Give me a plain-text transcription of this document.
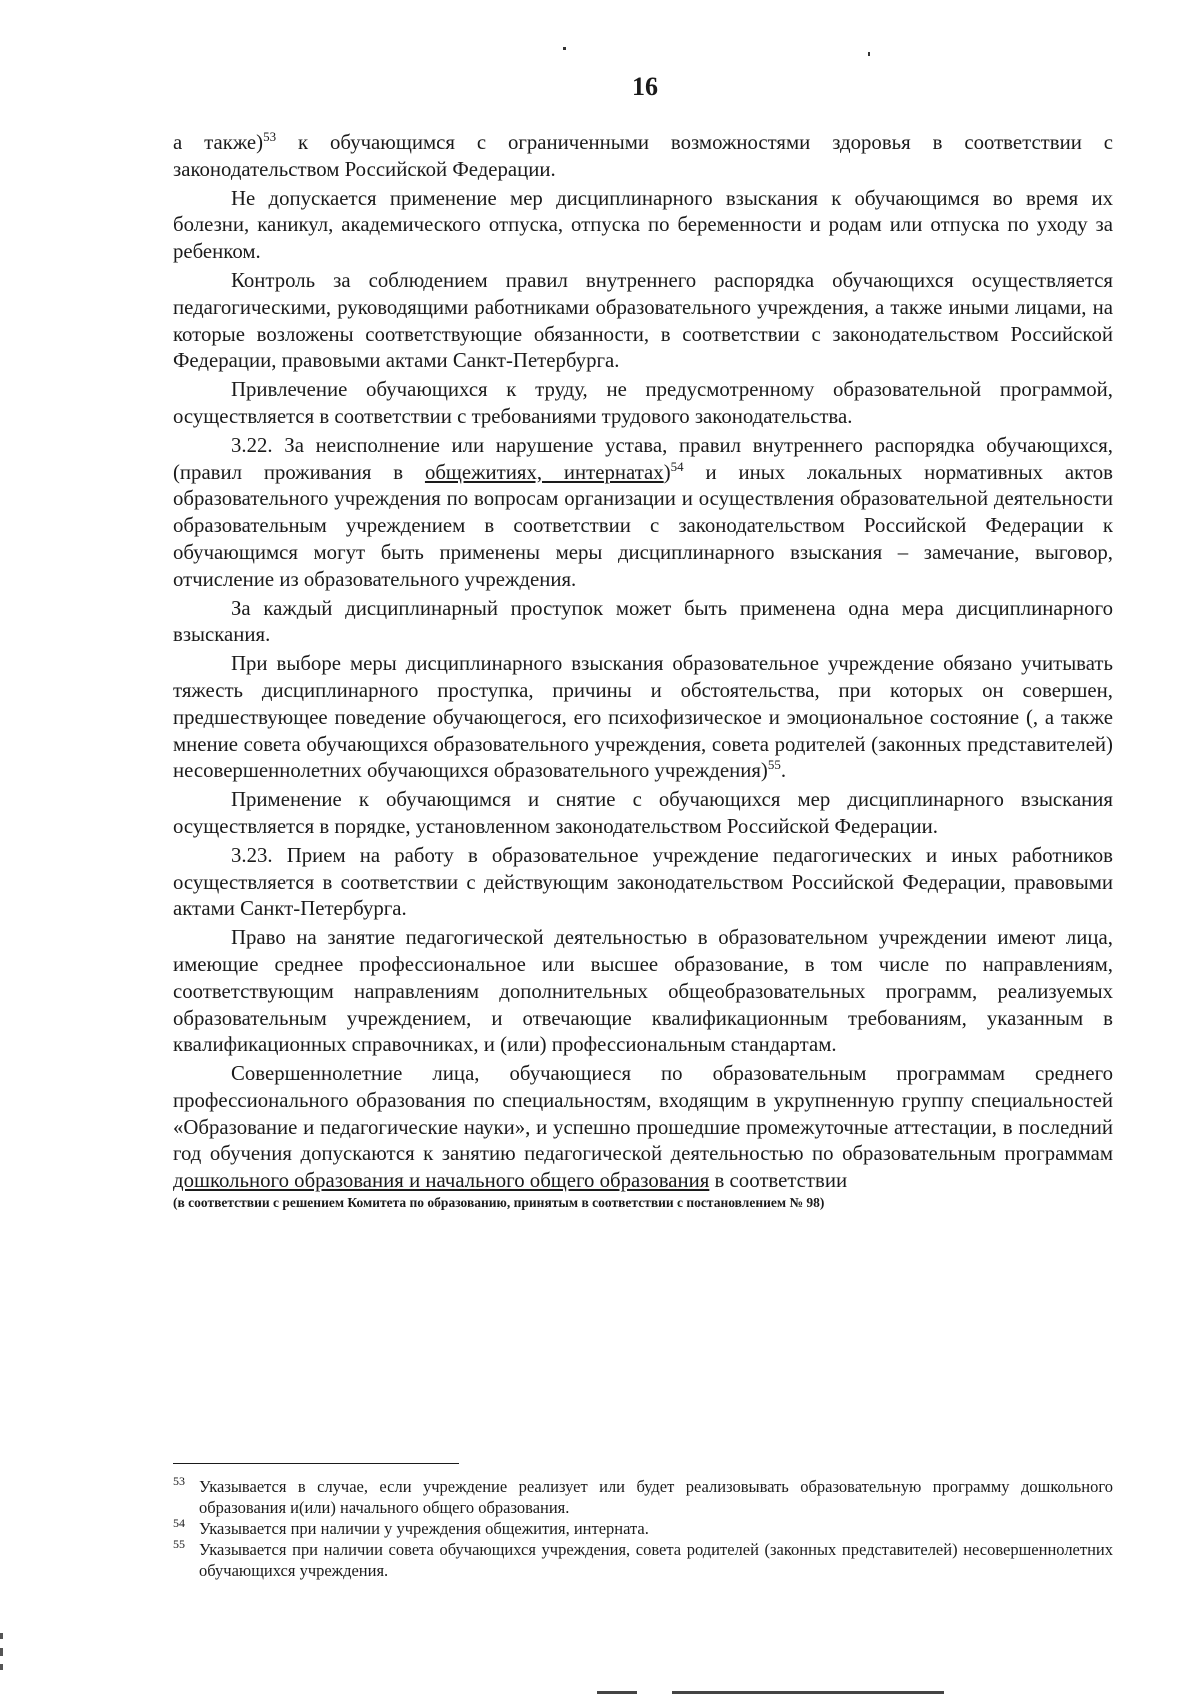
16

а также)$^{53}$ к обучающимся с ограниченными возможностями здоровья в соответствии с законодательством Российской Федерации.

Не допускается применение мер дисциплинарного взыскания к обучающимся во время их болезни, каникул, академического отпуска, отпуска по беременности и родам или отпуска по уходу за ребенком.

Контроль за соблюдением правил внутреннего распорядка обучающихся осуществляется педагогическими, руководящими работниками образовательного учреждения, а также иными лицами, на которые возложены соответствующие обязанности, в соответствии с законодательством Российской Федерации, правовыми актами Санкт-Петербурга.

Привлечение обучающихся к труду, не предусмотренному образовательной программой, осуществляется в соответствии с требованиями трудового законодательства.

3.22. За неисполнение или нарушение устава, правил внутреннего распорядка обучающихся, (правил проживания в общежитиях, интернатах)$^{54}$ и иных локальных нормативных актов образовательного учреждения по вопросам организации и осуществления образовательной деятельности образовательным учреждением в соответствии с законодательством Российской Федерации к обучающимся могут быть применены меры дисциплинарного взыскания – замечание, выговор, отчисление из образовательного учреждения.

За каждый дисциплинарный проступок может быть применена одна мера дисциплинарного взыскания.

При выборе меры дисциплинарного взыскания образовательное учреждение обязано учитывать тяжесть дисциплинарного проступка, причины и обстоятельства, при которых он совершен, предшествующее поведение обучающегося, его психофизическое и эмоциональное состояние (, а также мнение совета обучающихся образовательного учреждения, совета родителей (законных представителей) несовершеннолетних обучающихся образовательного учреждения)$^{55}$.

Применение к обучающимся и снятие с обучающихся мер дисциплинарного взыскания осуществляется в порядке, установленном законодательством Российской Федерации.

3.23. Прием на работу в образовательное учреждение педагогических и иных работников осуществляется в соответствии с действующим законодательством Российской Федерации, правовыми актами Санкт-Петербурга.

Право на занятие педагогической деятельностью в образовательном учреждении имеют лица, имеющие среднее профессиональное или высшее образование, в том числе по направлениям, соответствующим направлениям дополнительных общеобразовательных программ, реализуемых образовательным учреждением, и отвечающие квалификационным требованиям, указанным в квалификационных справочниках, и (или) профессиональным стандартам.

Совершеннолетние лица, обучающиеся по образовательным программам среднего профессионального образования по специальностям, входящим в укрупненную группу специальностей «Образование и педагогические науки», и успешно прошедшие промежуточные аттестации, в последний год обучения допускаются к занятию педагогической деятельностью по образовательным программам дошкольного образования и начального общего образования в соответствии

(в соответствии с решением Комитета по образованию, принятым в соответствии с постановлением № 98)
53 Указывается в случае, если учреждение реализует или будет реализовывать образовательную программу дошкольного образования и(или) начального общего образования.
54 Указывается при наличии у учреждения общежития, интерната.
55 Указывается при наличии совета обучающихся учреждения, совета родителей (законных представителей) несовершеннолетних обучающихся учреждения.
